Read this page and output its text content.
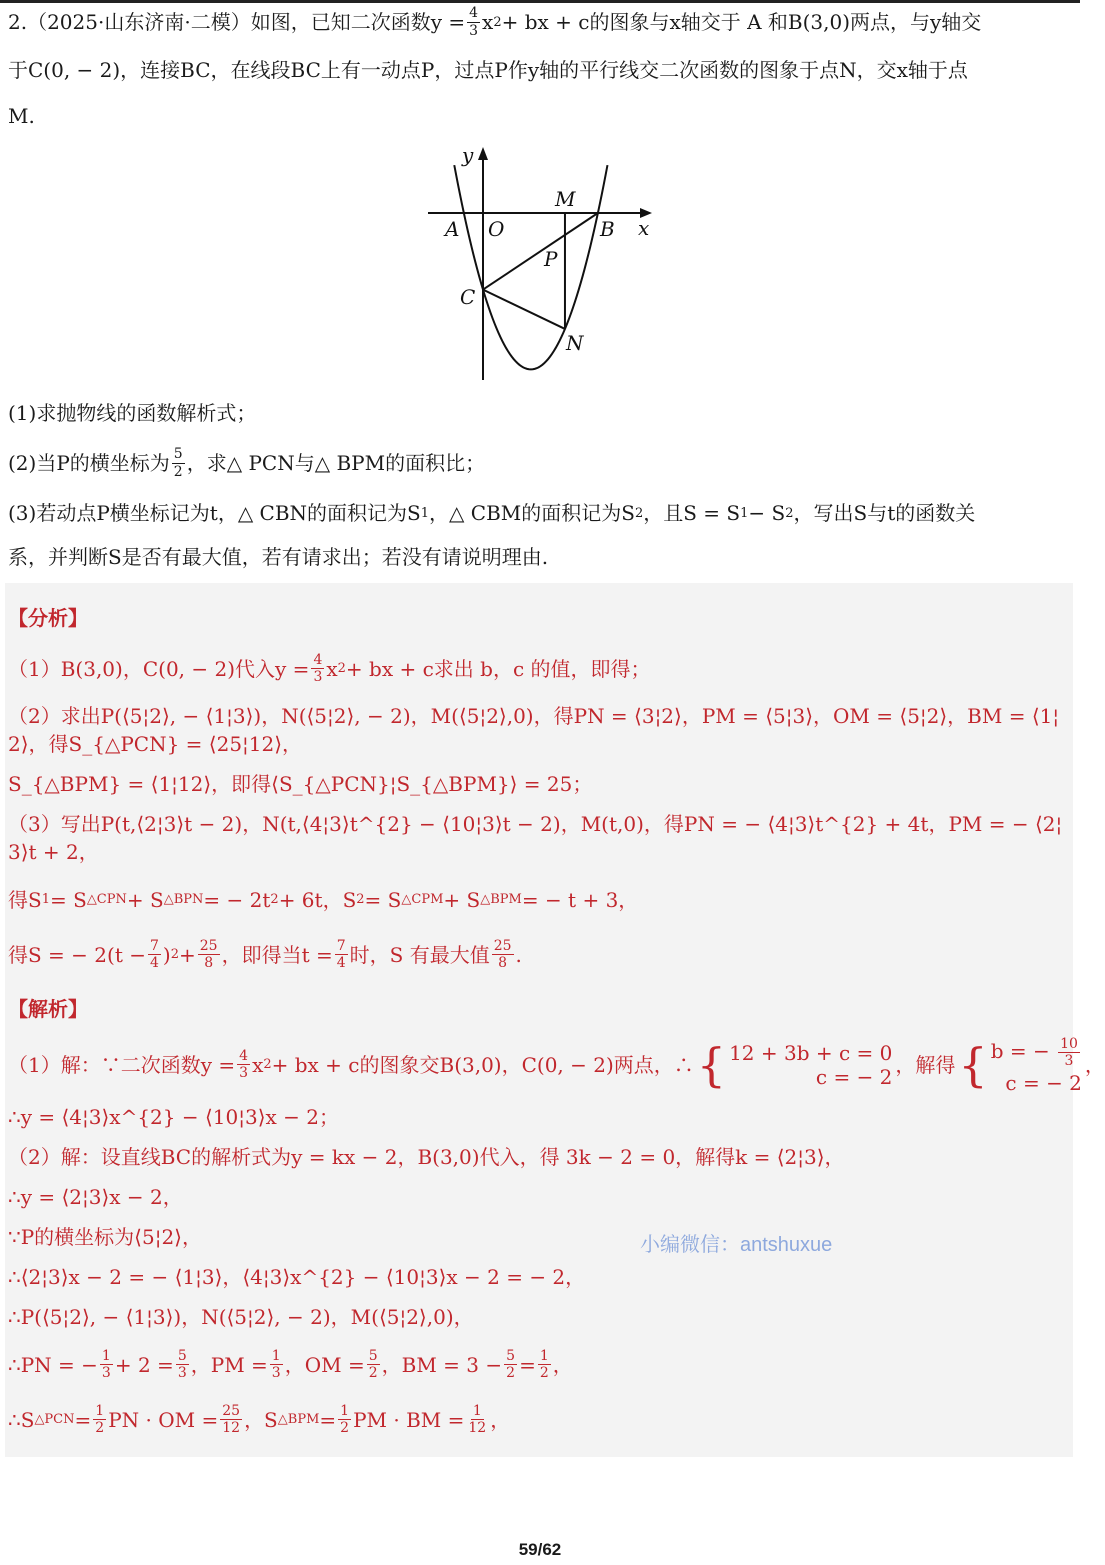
2.（2025·山东济南·二模）如图，已知二次函数$y = \frac{4}{3}$ x 2 + bx + c的图象与x轴交于 A 和B(3,0)两点，与y轴交
于C(0, − 2)，连接BC，在线段BC上有一动点P，过点P作y轴的平行线交二次函数的图象于点N，交x轴于点
M.
y
x
O
A	B
C
M
P
N
(1)求抛物线的函数解析式；
(2)当P的横坐标为 $\frac{5}{2}$ ，求△ PCN与△ BPM的面积比；
(3)若动点P横坐标记为t，△ CBN的面积记为S 1 ，△ CBM的面积记为S 2 ，且S = S 1 − S 2 ，写出S与t的函数关
系，并判断S是否有最大值，若有请求出；若没有请说明理由.
【分析】
（1）B(3,0)，C(0, − 2)代入$y = \frac{4}{3}$ x 2 + bx + c求出 b，c 的值，即得；
（2）求出P(⟨5¦2⟩, − ⟨1¦3⟩)，N(⟨5¦2⟩, − 2)，M(⟨5¦2⟩,0)，得PN = ⟨3¦2⟩，PM = ⟨5¦3⟩，OM = ⟨5¦2⟩，BM = ⟨1¦2⟩，得S_{△PCN} = ⟨25¦12⟩，
S_{△BPM} = ⟨1¦12⟩，即得⟨S_{△PCN}¦S_{△BPM}⟩ = 25；
（3）写出P(t,⟨2¦3⟩t − 2)，N(t,⟨4¦3⟩t^{2} − ⟨10¦3⟩t − 2)，M(t,0)，得PN = − ⟨4¦3⟩t^{2} + 4t，PM = − ⟨2¦3⟩t + 2，
得S 1 = S △CPN + S △BPN = − 2t 2 + 6t，S 2 = S △CPM + S △BPM = − t + 3，
得S = − $2(t - \frac{7}{4}$ ) $2 + \frac{25}{8}$ ，即得当$t = \frac{7}{4}$ 时，S 有最大值 $\frac{25}{8}$ .
【解析】
（1）解：∵二次函数$y = \frac{4}{3}$ x 2 + bx + c的图象交B(3,0)，C(0, − 2)两点，∴ { 12 + 3b + c = 0
c = − 2 ，解得 { b = − $\frac{10}{3}$
c = − 2
，
∴y = ⟨4¦3⟩x^{2} − ⟨10¦3⟩x − 2；
（2）解：设直线BC的解析式为y = kx − 2，B(3,0)代入，得 3k − 2 = 0，解得k = ⟨2¦3⟩，
∴y = ⟨2¦3⟩x − 2，
∵P的横坐标为⟨5¦2⟩，
∴⟨2¦3⟩x − 2 = − ⟨1¦3⟩，⟨4¦3⟩x^{2} − ⟨10¦3⟩x − 2 = − 2，
∴P(⟨5¦2⟩, − ⟨1¦3⟩)，N(⟨5¦2⟩, − 2)，M(⟨5¦2⟩,0)，
∴PN = − $\frac{1}{3} + 2 = \frac{5}{3}$ ，PM = $\frac{1}{3}$ ，OM = $\frac{5}{2}$ ，BM = $3 - \frac{5}{2} = \frac{1}{2}$ ，
∴S △PCN = $\frac{1}{2}$ PN · OM = $\frac{25}{12}$ ，S △BPM = $\frac{1}{2}$ PM · BM = $\frac{1}{12}$ ，
小编微信：antshuxue
59/62
